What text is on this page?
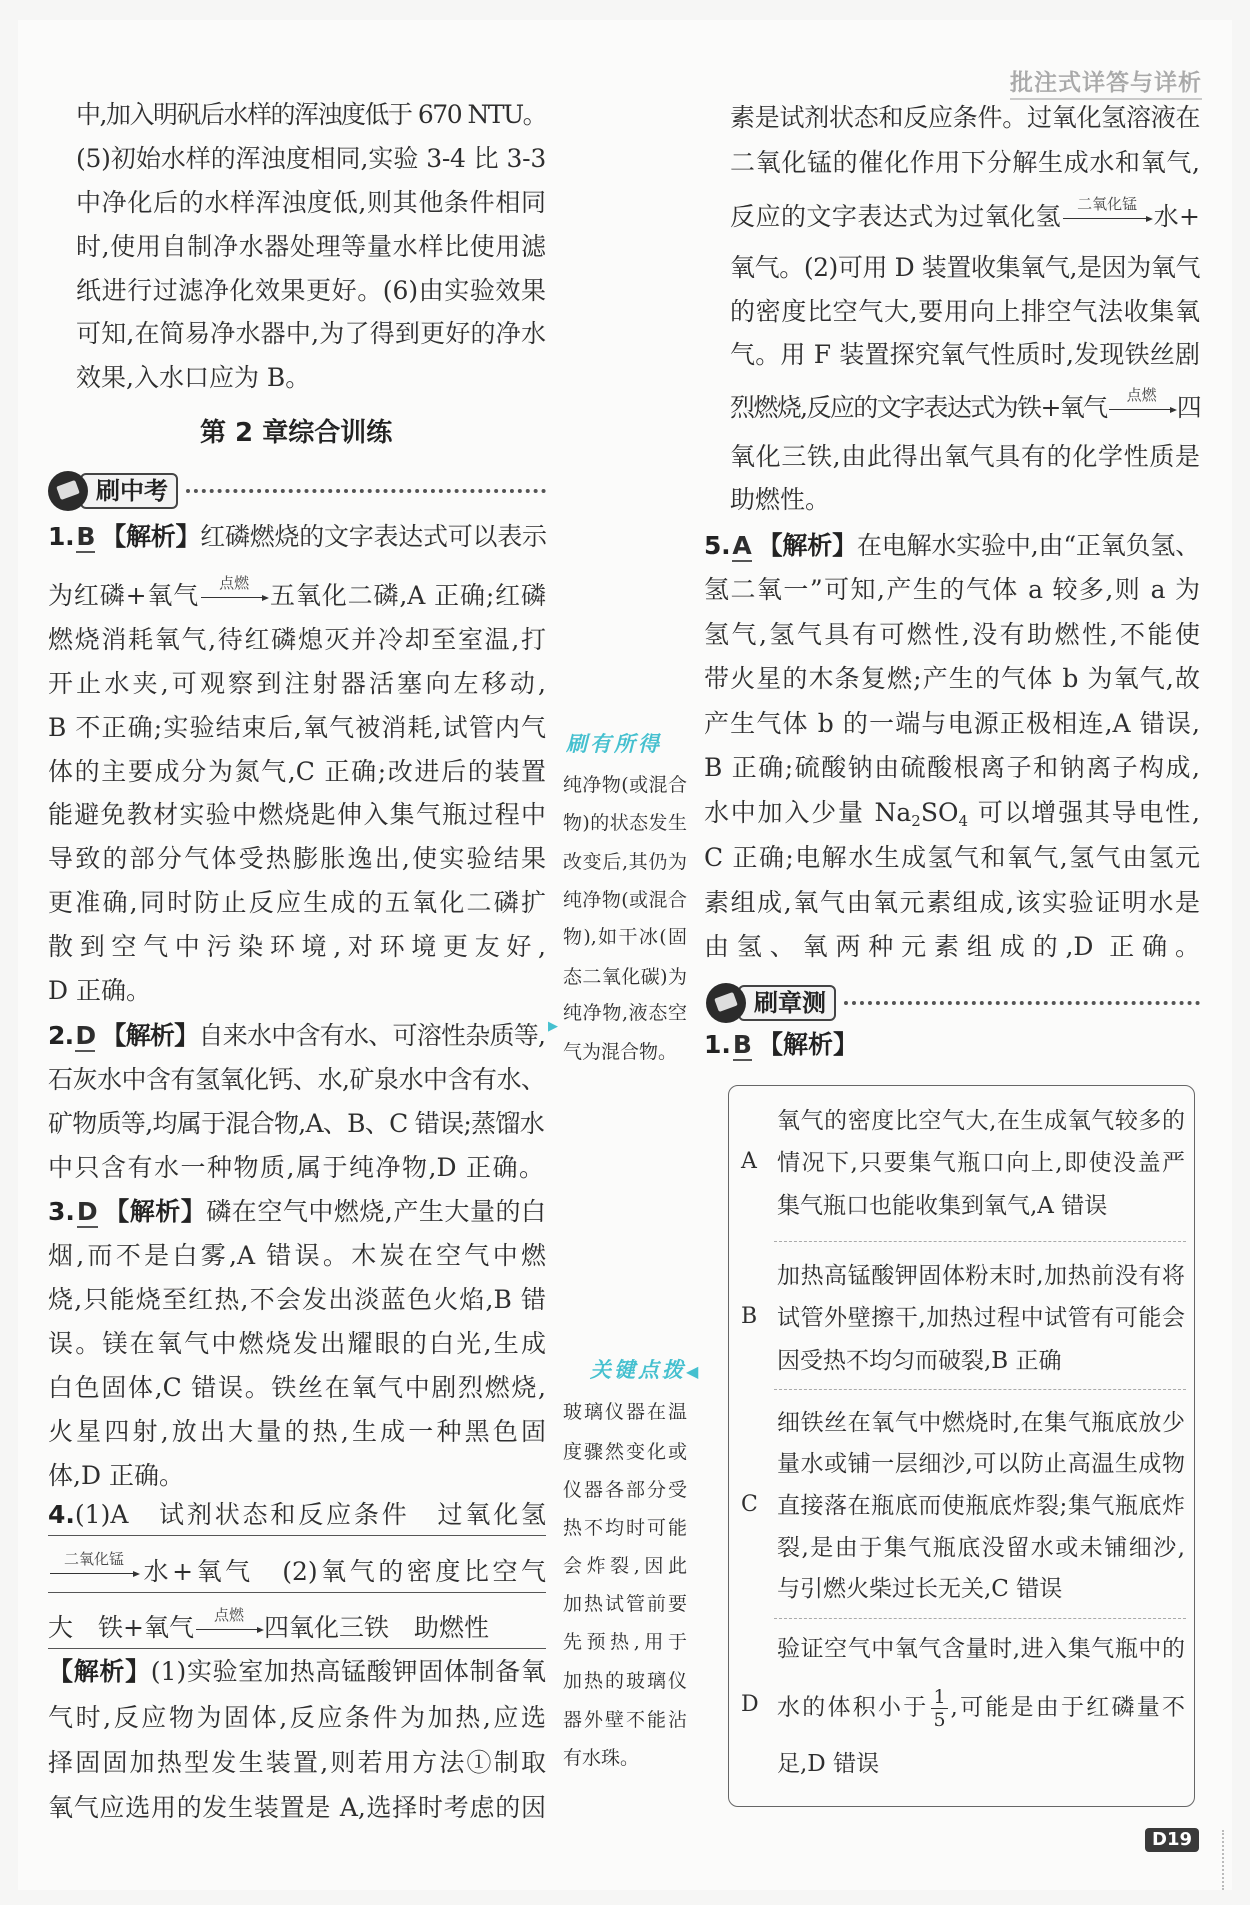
批注式详答与详析
第 2 章综合训练
刷中考
刷章测
刷有所得
关键点拨◀
▶
A
氧气的密度比空气大,在生成氧气较多的
情况下,只要集气瓶口向上,即使没盖严
集气瓶口也能收集到氧气,A 错误
B
加热高锰酸钾固体粉末时,加热前没有将
试管外壁擦干,加热过程中试管有可能会
因受热不均匀而破裂,B 正确
C
细铁丝在氧气中燃烧时,在集气瓶底放少
量水或铺一层细沙,可以防止高温生成物
直接落在瓶底而使瓶底炸裂;集气瓶底炸
裂,是由于集气瓶底没留水或未铺细沙,
与引燃火柴过长无关,C 错误
D
验证空气中氧气含量时,进入集气瓶中的
水的体积小于 $\frac{1}{5}$ ,可能是由于红磷量不
足,D 错误
D19
中,加入明矾后水样的浑浊度低于 670 NTU。
(5)初始水样的浑浊度相同,实验 3-4 比 3-3
中净化后的水样浑浊度低,则其他条件相同
时,使用自制净水器处理等量水样比使用滤
纸进行过滤净化效果更好。(6)由实验效果
可知,在简易净水器中,为了得到更好的净水
效果,入水口应为 B。
1.B 【解析】红磷燃烧的文字表达式可以表示
为红磷+氧气	点燃 五氧化二磷,A 正确;红磷
燃烧消耗氧气,待红磷熄灭并冷却至室温,打
开止水夹,可观察到注射器活塞向左移动,
B 不正确;实验结束后,氧气被消耗,试管内气
体的主要成分为氮气,C 正确;改进后的装置
能避免教材实验中燃烧匙伸入集气瓶过程中
导致的部分气体受热膨胀逸出,使实验结果
更准确,同时防止反应生成的五氧化二磷扩
散到空气中污染环境,对环境更友好,
D 正确。
2.D 【解析】自来水中含有水、可溶性杂质等,
石灰水中含有氢氧化钙、水,矿泉水中含有水、
矿物质等,均属于混合物,A、B、C 错误;蒸馏水
中只含有水一种物质,属于纯净物,D 正确。
3.D 【解析】磷在空气中燃烧,产生大量的白
烟,而不是白雾,A 错误。木炭在空气中燃
烧,只能烧至红热,不会发出淡蓝色火焰,B 错
误。镁在氧气中燃烧发出耀眼的白光,生成
白色固体,C 错误。铁丝在氧气中剧烈燃烧,
火星四射,放出大量的热,生成一种黑色固
体,D 正确。
4.(1)A　试剂状态和反应条件　过氧化氢
二氧化锰 水+氧气　(2)氧气的密度比空气
大　铁+氧气	点燃 四氧化三铁　助燃性
【解析】(1)实验室加热高锰酸钾固体制备氧
气时,反应物为固体,反应条件为加热,应选
择固固加热型发生装置,则若用方法①制取
氧气应选用的发生装置是 A,选择时考虑的因
纯净物(或混合
物)的状态发生
改变后,其仍为
纯净物(或混合
物),如干冰(固
态二氧化碳)为
纯净物,液态空
气为混合物。
玻璃仪器在温
度骤然变化或
仪器各部分受
热不均时可能
会炸裂,因此
加热试管前要
先预热,用于
加热的玻璃仪
器外壁不能沾
有水珠。
素是试剂状态和反应条件。过氧化氢溶液在
二氧化锰的催化作用下分解生成水和氧气,
反应的文字表达式为过氧化氢	二氧化锰 水+
氧气。(2)可用 D 装置收集氧气,是因为氧气
的密度比空气大,要用向上排空气法收集氧
气。用 F 装置探究氧气性质时,发现铁丝剧
烈燃烧,反应的文字表达式为铁+氧气	点燃 四
氧化三铁,由此得出氧气具有的化学性质是
助燃性。
5.A 【解析】在电解水实验中,由“正氧负氢、
氢二氧一”可知,产生的气体 a 较多,则 a 为
氢气,氢气具有可燃性,没有助燃性,不能使
带火星的木条复燃;产生的气体 b 为氧气,故
产生气体 b 的一端与电源正极相连,A 错误,
B 正确;硫酸钠由硫酸根离子和钠离子构成,
水中加入少量 $Na_2SO_4$ 可以增强其导电性,
C 正确;电解水生成氢气和氧气,氢气由氢元
素组成,氧气由氧元素组成,该实验证明水是
由氢、氧两种元素组成的,D 正确。
1.B 【解析】
